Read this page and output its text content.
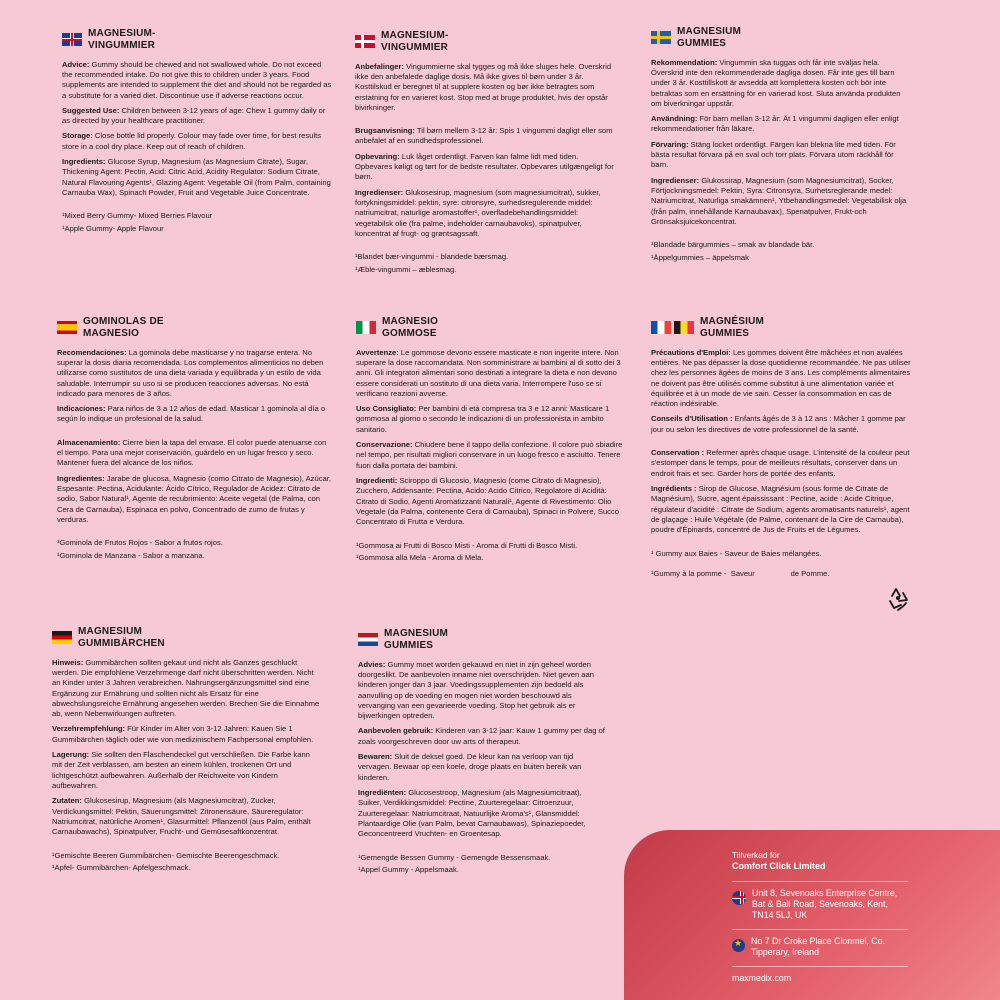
MAGNESIUM-
VINGUMMIER

Advice: Gummy should be chewed and not swallowed whole. Do not exceed the recommended intake. Do not give this to children under 3 years. Food supplements are intended to supplement the diet and should not be regarded as a substitute for a varied diet. Discontinue use if adverse reactions occur.

Suggested Use: Children between 3-12 years of age: Chew 1 gummy daily or as directed by your healthcare practitioner.

Storage: Close bottle lid properly. Colour may fade over time, for best results store in a cool dry place. Keep out of reach of children.

Ingredients: Glucose Syrup, Magnesium (as Magnesium Citrate), Sugar, Thickening Agent: Pectin, Acid: Citric Acid, Acidity Regulator: Sodium Citrate, Natural Flavouring Agents¹, Glazing Agent: Vegetable Oil (from Palm, containing Carnauba Wax), Spinach Powder, Fruit and Vegetable Juice Concentrate.

¹Mixed Berry Gummy- Mixed Berries Flavour

¹Apple Gummy- Apple Flavour

MAGNESIUM-
VINGUMMIER

Anbefalinger: Vingummierne skal tygges og må ikke sluges hele. Overskrid ikke den anbefalede daglige dosis. Må ikke gives til børn under 3 år. Kosttilskud er beregnet til at supplere kosten og bør ikke betragtes som erstatning for en varieret kost. Stop med at bruge produktet, hvis der opstår bivirkninger.

Brugsanvisning: Til børn mellem 3-12 år: Spis 1 vingummi dagligt eller som anbefalet af en sundhedsprofessionel.

Opbevaring: Luk låget ordentligt. Farven kan falme lidt med tiden. Opbevares køligt og tørt for de bedste resultater. Opbevares utilgængeligt for børn.

Ingredienser: Glukosesirup, magnesium (som magnesiumcitrat), sukker, fortykningsmiddel: pektin, syre: citronsyre, surhedsregulerende middel: natriumcitrat, naturlige aromastoffer¹, overfladebehandlingsmiddel: vegetabilsk olie (fra palme, indeholder carnaubavoks), spinatpulver, koncentrat af frugt- og grøntsagssaft.

¹Blandet bær-vingummi - blandede bærsmag.

¹Æble-vingummi – æblesmag.

MAGNESIUM
GUMMIES

Rekommendation: Vingummin ska tuggas och får inte sväljas hela. Överskrid inte den rekommenderade dagliga dosen. Får inte ges till barn under 3 år. Kosttillskott är avsedda att komplettera kosten och bör inte betraktas som en ersättning för en varierad kost. Sluta använda produkten om biverkningar uppstår.

Användning: För barn mellan 3-12 år: Ät 1 vingummi dagligen eller enligt rekommendationer från läkare.

Förvaring: Stäng locket ordentligt. Färgen kan blekna lite med tiden. För bästa resultat förvara på en sval och torr plats. Förvara utom räckhåll för barn.

Ingredienser: Glukossirap, Magnesium (som Magnesiumcitrat), Socker, Förtjockningsmedel: Pektin, Syra: Citronsyra, Surhetsreglerande medel: Natriumcitrat, Naturliga smakämnen¹, Ytbehandlingsmedel: Vegetabilisk olja (från palm, innehållande Karnaubavax), Spenatpulver, Frukt-och Grönsaksjuicekoncentrat.

¹Blandade bärgummies – smak av blandade bär.

¹Äppelgummies – äppelsmak

GOMINOLAS DE
MAGNESIO

Recomendaciones: La gominola debe masticarse y no tragarse entera. No superar la dosis diaria recomendada. Los complementos alimenticios no deben utilizarse como sustitutos de una dieta variada y equilibrada y un estilo de vida saludable. Interrumpir su uso si se producen reacciones adversas. No está indicado para menores de 3 años.

Indicaciones: Para niños de 3 a 12 años de edad. Masticar 1 gominola al día o según lo indique un profesional de la salud.

Almacenamiento: Cierre bien la tapa del envase. El color puede atenuarse con el tiempo. Para una mejor conservación, guárdelo en un lugar fresco y seco. Mantener fuera del alcance de los niños.

Ingredientes: Jarabe de glucosa, Magnesio (como Citrato de Magnesio), Azúcar, Espesante: Pectina, Acidulante: Ácido Cítrico, Regulador de Acidez: Citrato de sodio, Sabor Natural¹, Agente de recubrimiento: Aceite vegetal (de Palma, con Cera de Carnauba), Espinaca en polvo, Concentrado de zumo de frutas y verduras.

¹Gominola de Frutos Rojos - Sabor a frutos rojos.

¹Gominola de Manzana - Sabor a manzana.

MAGNESIO
GOMMOSE

Avvertenze: Le gommose devono essere masticate e non ingerite intere. Non superare la dose raccomandata. Non somministrare ai bambini al di sotto dei 3 anni. Gli integratori alimentari sono destinati a integrare la dieta e non devono essere considerati un sostituto di una dieta varia. Interrompere l'uso se si verificano reazioni avverse.

Uso Consigliato: Per bambini di età compresa tra 3 e 12 anni: Masticare 1 gommosa al giorno o secondo le indicazioni di un professionista in ambito sanitario.

Conservazione: Chiudere bene il tappo della confezione. Il colore può sbiadire nel tempo, per risultati migliori conservare in un luogo fresco e asciutto. Tenere fuori dalla portata dei bambini.

Ingredienti: Sciroppo di Glucosio, Magnesio (come Citrato di Magnesio), Zucchero, Addensante: Pectina, Acido: Acido Citrico, Regolatore di Acidità: Citrato di Sodio, Agenti Aromatizzanti Naturali¹, Agente di Rivestimento: Olio Vegetale (da Palma, contenente Cera di Carnauba), Spinaci in Polvere, Succo Concentrato di Frutta e Verdura.

¹Gommosa ai Frutti di Bosco Misti - Aroma di Frutti di Bosco Misti.

¹Gommosa alla Mela - Aroma di Mela.

MAGNÉSIUM
GUMMIES

Précautions d'Emploi: Les gommes doivent être mâchées et non avalées entières. Ne pas dépasser la dose quotidienne recommandée. Ne pas utiliser chez les personnes âgées de moins de 3 ans. Les compléments alimentaires ne doivent pas être utilisés comme substitut à une alimentation variée et équilibrée et à un mode de vie sain. Cesser la consommation en cas de réaction indésirable.

Conseils d'Utilisation : Enfants âgés de 3 à 12 ans : Mâcher 1 gomme par jour ou selon les directives de votre professionnel de la santé.

Conservation : Refermer après chaque usage. L'intensité de la couleur peut s'estomper dans le temps, pour de meilleurs résultats, conserver dans un endroit frais et sec. Garder hors de portée des enfants.

Ingrédients : Sirop de Glucose, Magnésium (sous forme de Citrate de Magnésium), Sucre, agent épaississant : Pectine, acide : Acide Citrique, régulateur d'acidité : Citrate de Sodium, agents aromatisants naturels¹, agent de glaçage : Huile Végétale (de Palme, contenant de la Cire de Carnauba), poudre d'Épinards, concentré de Jus de Fruits et de Légumes.

¹ Gummy aux Baies - Saveur de Baies mélangées.

¹Gummy à la pomme -  Saveur                 de Pomme.

MAGNESIUM
GUMMIBÄRCHEN

Hinweis: Gummibärchen sollten gekaut und nicht als Ganzes geschluckt werden. Die empfohlene Verzehrmenge darf nicht überschritten werden. Nicht an Kinder unter 3 Jahren verabreichen. Nahrungsergänzungsmittel sind eine Ergänzung zur Ernährung und sollten nicht als Ersatz für eine abwechslungsreiche Ernährung angesehen werden. Brechen Sie die Einnahme ab, wenn Nebenwirkungen auftreten.

Verzehrempfehlung: Für Kinder im Alter von 3-12 Jahren: Kauen Sie 1 Gummibärchen täglich oder wie von medizinischem Fachpersonal empfohlen.

Lagerung: Sie sollten den Flaschendeckel gut verschließen. Die Farbe kann mit der Zeit verblassen, am besten an einem kühlen, trockenen Ort und lichtgeschützt aufbewahren. Außerhalb der Reichweite von Kindern aufbewahren.

Zutaten: Glukosesirup, Magnesium (als Magnesiumcitrat), Zucker, Verdickungsmittel: Pektin, Säuerungsmittel: Zitronensäure, Säureregulator: Natriumcitrat, natürliche Aromen¹, Glasurmittel: Pflanzenöl (aus Palm, enthält Carnaubawachs), Spinatpulver, Frucht- und Gemüsesaftkonzentrat.

¹Gemischte Beeren Gummibärchen- Gemischte Beerengeschmack.

¹Apfel- Gummibärchen- Apfelgeschmack.

MAGNESIUM
GUMMIES

Advies: Gummy moet worden gekauwd en niet in zijn geheel worden doorgeslikt. De aanbevolen inname niet overschrijden. Niet geven aan kinderen jonger dan 3 jaar. Voedingssupplementen zijn bedoeld als aanvulling op de voeding en mogen niet worden beschouwd als vervanging van een gevarieerde voeding. Stop het gebruik als er bijwerkingen optreden.

Aanbevolen gebruik: Kinderen van 3-12 jaar: Kauw 1 gummy per dag of zoals voorgeschreven door uw arts of therapeut.

Bewaren: Sluit de deksel goed. De kleur kan na verloop van tijd vervagen. Bewaar op een koele, droge plaats en buiten bereik van kinderen.

Ingrediënten: Glucosestroop, Magnesium (als Magnesiumcitraat), Suiker, Verdikkingsmiddel: Pectine, Zuurteregelaar: Citroenzuur, Zuurteregelaar: Natriumcitraat, Natuurlijke Aroma's¹, Glansmiddel: Plantaardige Olie (van Palm, bevat Carnaubawas), Spinaziepoeder, Geconcentreerd Vruchten- en Groentesap.

¹Gemengde Bessen Gummy - Gemengde Bessensmaak.

¹Appel Gummy - Appelsmaak.

Tillverkad för
Comfort Click Limited
Unit 8, Sevenoaks Enterprise Centre, Bat & Ball Road, Sevenoaks, Kent, TN14 5LJ, UK
★
No 7 Dr Croke Place Clonmel, Co. Tipperary, Ireland
maxmedix.com
